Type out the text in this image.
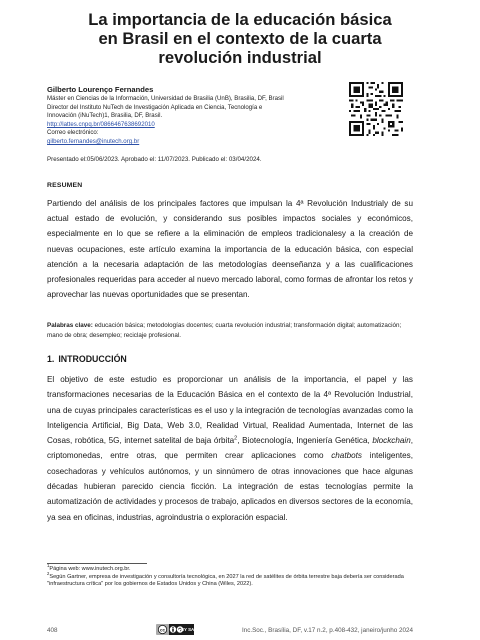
La importancia de la educación básica
en Brasil en el contexto de la cuarta
revolución industrial
Gilberto Lourenço Fernandes
Máster en Ciencias de la Información, Universidad de Brasilia (UnB), Brasilia, DF, Brasil
Director del Instituto NuTech de Investigación Aplicada en Ciencia, Tecnología e
Innovación (iNuTech)1, Brasilia, DF, Brasil.
http://lattes.cnpq.br/0866467638692010
Correo electrónico:
gilberto.fernandes@inutech.org.br
Presentado el:05/06/2023. Aprobado el: 11/07/2023. Publicado el: 03/04/2024.
RESUMEN

Partiendo del análisis de los principales factores que impulsan la 4ª Revolución Industrialy de su actual estado de evolución, y considerando sus posibles impactos sociales y económicos, especialmente en lo que se refiere a la eliminación de empleos tradicionalesy a la creación de nuevas ocupaciones, este artículo examina la importancia de la educación básica, con especial atención a la necesaria adaptación de las metodologías deenseñanza y a las cualificaciones profesionales requeridas para acceder al nuevo mercado laboral, como formas de afrontar los retos y aprovechar las nuevas oportunidades que se presentan.

Palabras clave: educación básica; metodologías docentes; cuarta revolución industrial; transformación digital; automatización; mano de obra; desempleo; reciclaje profesional.

1. INTRODUCCIÓN

El objetivo de este estudio es proporcionar un análisis de la importancia, el papel y las transformaciones necesarias de la Educación Básica en el contexto de la 4ª Revolución Industrial, una de cuyas principales características es el uso y la integración de tecnologías avanzadas como la Inteligencia Artificial, Big Data, Web 3.0, Realidad Virtual, Realidad Aumentada, Internet de las Cosas, robótica, 5G, internet satelital de baja órbita$^2$, Biotecnología, Ingeniería Genética, blockchain, criptomonedas, entre otras, que permiten crear aplicaciones como chatbots inteligentes, cosechadoras y vehículos autónomos, y un sinnúmero de otras innovaciones que hace algunas décadas hubieran parecido ciencia ficción. La integración de estas tecnologías permite la automatización de actividades y procesos de trabajo, aplicados en diversos sectores de la economía, ya sea en oficinas, industrias, agroindustria o exploración espacial.

$^1$Página web: www.inutech.org.br.
$^2$Según Gartner, empresa de investigación y consultoría tecnológica, en 2027 la red de satélites de órbita terrestre baja debería ser considerada "infraestructura crítica" por los gobiernos de Estados Unidos y China (Wiles, 2022).
408	cc	BY SA	Inc.Soc., Brasília, DF, v.17 n.2, p.408-432, janeiro/junho 2024
